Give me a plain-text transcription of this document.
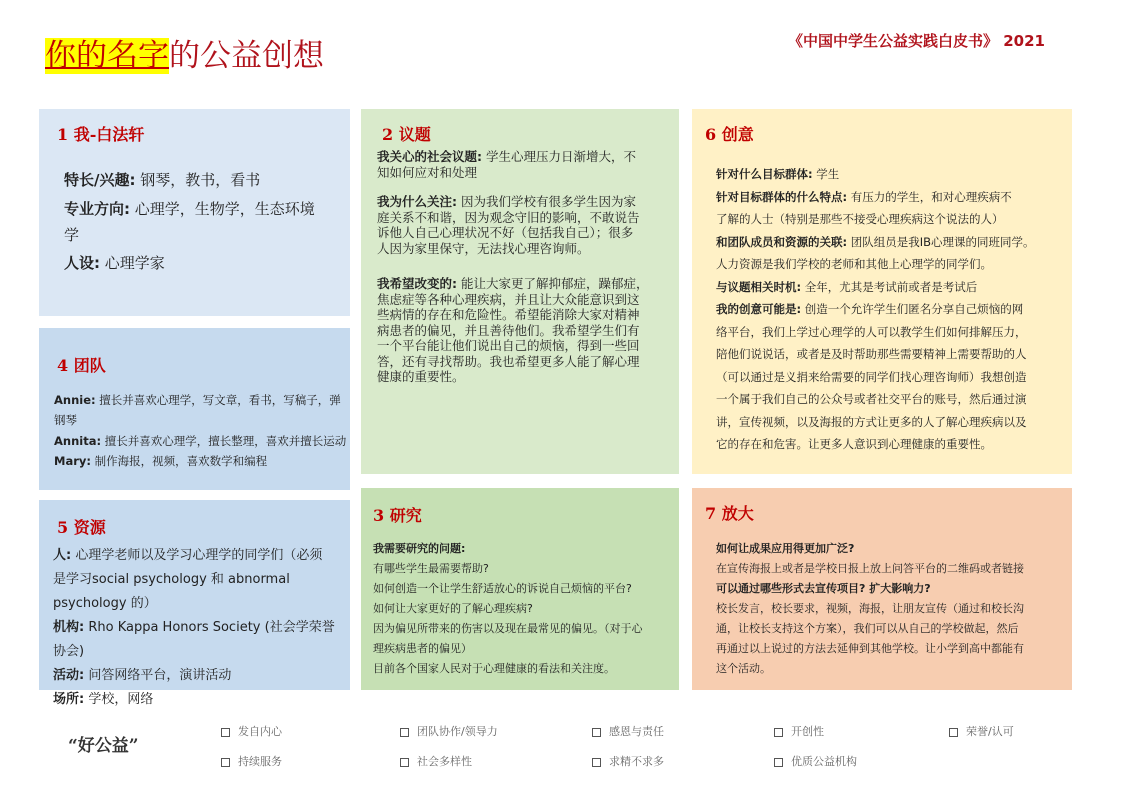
你的名字的公益创想	《中国中学生公益实践白皮书》 2021
1 我-白法轩
特长/兴趣: 钢琴，教书，看书
专业方向: 心理学，生物学，生态环境
学
人设: 心理学家
4 团队
Annie: 擅长并喜欢心理学，写文章，看书，写稿子，弹
钢琴
Annita: 擅长并喜欢心理学，擅长整理，喜欢并擅长运动
Mary: 制作海报，视频，喜欢数学和编程
5 资源
人: 心理学老师以及学习心理学的同学们（必须
是学习social psychology 和 abnormal
psychology 的）
机构: Rho Kappa Honors Society (社会学荣誉
协会)
活动: 问答网络平台，演讲活动
场所: 学校，网络
2 议题
我关心的社会议题: 学生心理压力日渐增大，不
知如何应对和处理
我为什么关注: 因为我们学校有很多学生因为家
庭关系不和谐，因为观念守旧的影响，不敢说告
诉他人自己心理状况不好（包括我自己）；很多
人因为家里保守，无法找心理咨询师。
我希望改变的: 能让大家更了解抑郁症，躁郁症，
焦虑症等各种心理疾病，并且让大众能意识到这
些病情的存在和危险性。希望能消除大家对精神
病患者的偏见，并且善待他们。我希望学生们有
一个平台能让他们说出自己的烦恼，得到一些回
答，还有寻找帮助。我也希望更多人能了解心理
健康的重要性。
3 研究
我需要研究的问题:
有哪些学生最需要帮助?
如何创造一个让学生舒适放心的诉说自己烦恼的平台?
如何让大家更好的了解心理疾病?
因为偏见所带来的伤害以及现在最常见的偏见。（对于心
理疾病患者的偏见）
目前各个国家人民对于心理健康的看法和关注度。
6 创意
针对什么目标群体: 学生
针对目标群体的什么特点: 有压力的学生，和对心理疾病不
了解的人士（特别是那些不接受心理疾病这个说法的人）
和团队成员和资源的关联: 团队组员是我IB心理课的同班同学。
人力资源是我们学校的老师和其他上心理学的同学们。
与议题相关时机: 全年，尤其是考试前或者是考试后
我的创意可能是: 创造一个允许学生们匿名分享自己烦恼的网
络平台，我们上学过心理学的人可以教学生们如何排解压力，
陪他们说说话，或者是及时帮助那些需要精神上需要帮助的人
（可以通过是义捐来给需要的同学们找心理咨询师）我想创造
一个属于我们自己的公众号或者社交平台的账号，然后通过演
讲，宣传视频，以及海报的方式让更多的人了解心理疾病以及
它的存在和危害。让更多人意识到心理健康的重要性。
7 放大
如何让成果应用得更加广泛?
在宣传海报上或者是学校日报上放上问答平台的二维码或者链接
可以通过哪些形式去宣传项目? 扩大影响力?
校长发言，校长要求，视频，海报，让朋友宣传（通过和校长沟
通，让校长支持这个方案），我们可以从自己的学校做起，然后
再通过以上说过的方法去延伸到其他学校。让小学到高中都能有
这个活动。
“好公益”
发自内心	团队协作/领导力	感恩与责任	开创性	荣誉/认可
持续服务	社会多样性	求精不求多	优质公益机构
